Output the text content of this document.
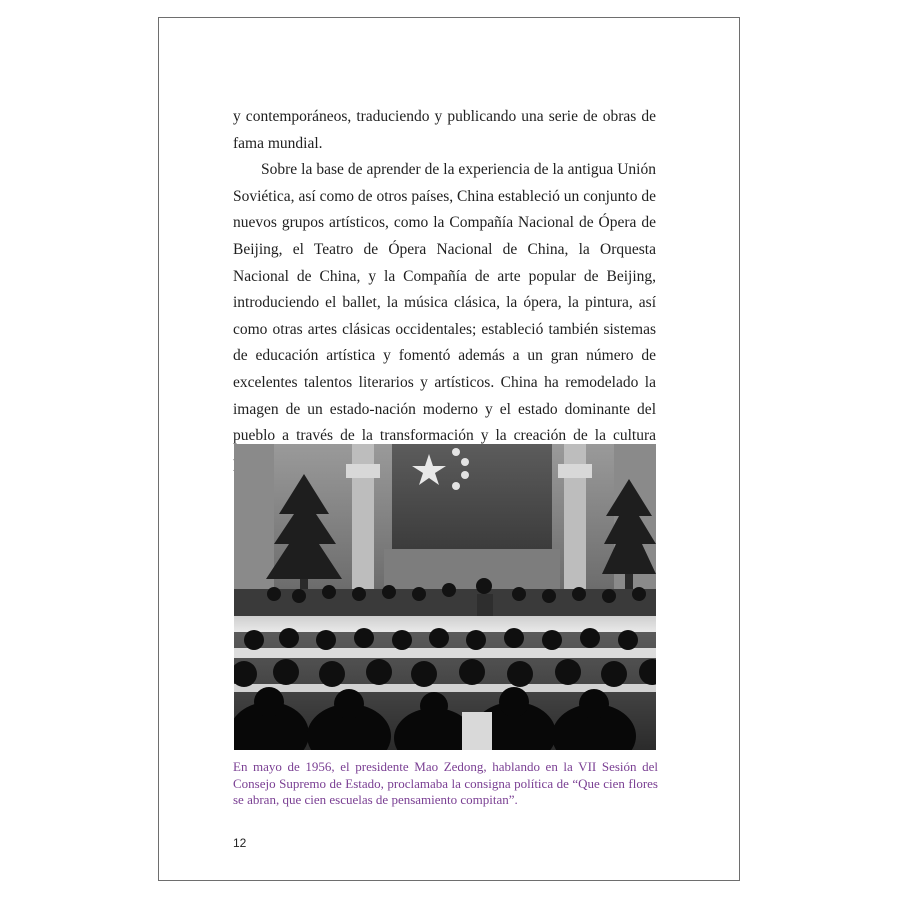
y contemporáneos, traduciendo y publicando una serie de obras de fama mundial.

Sobre la base de aprender de la experiencia de la antigua Unión Soviética, así como de otros países, China estableció un conjunto de nuevos grupos artísticos, como la Compañía Nacional de Ópera de Beijing, el Teatro de Ópera Nacional de China, la Orquesta Nacional de China, y la Compañía de arte popular de Beijing, introduciendo el ballet, la música clásica, la ópera, la pintura, así como otras artes clásicas occidentales; estableció también sistemas de educación artística y fomentó además a un gran número de excelentes talentos literarios y artísticos. China ha remodelado la imagen de un estado-nación moderno y el estado dominante del pueblo a través de la transformación y la creación de la cultura

En mayo de 1956, el presidente Mao Zedong, hablando en la VII Sesión del Consejo Supremo de Estado, proclamaba la consigna política de “Que cien flores se abran, que cien escuelas de pensamiento compitan”.
12
